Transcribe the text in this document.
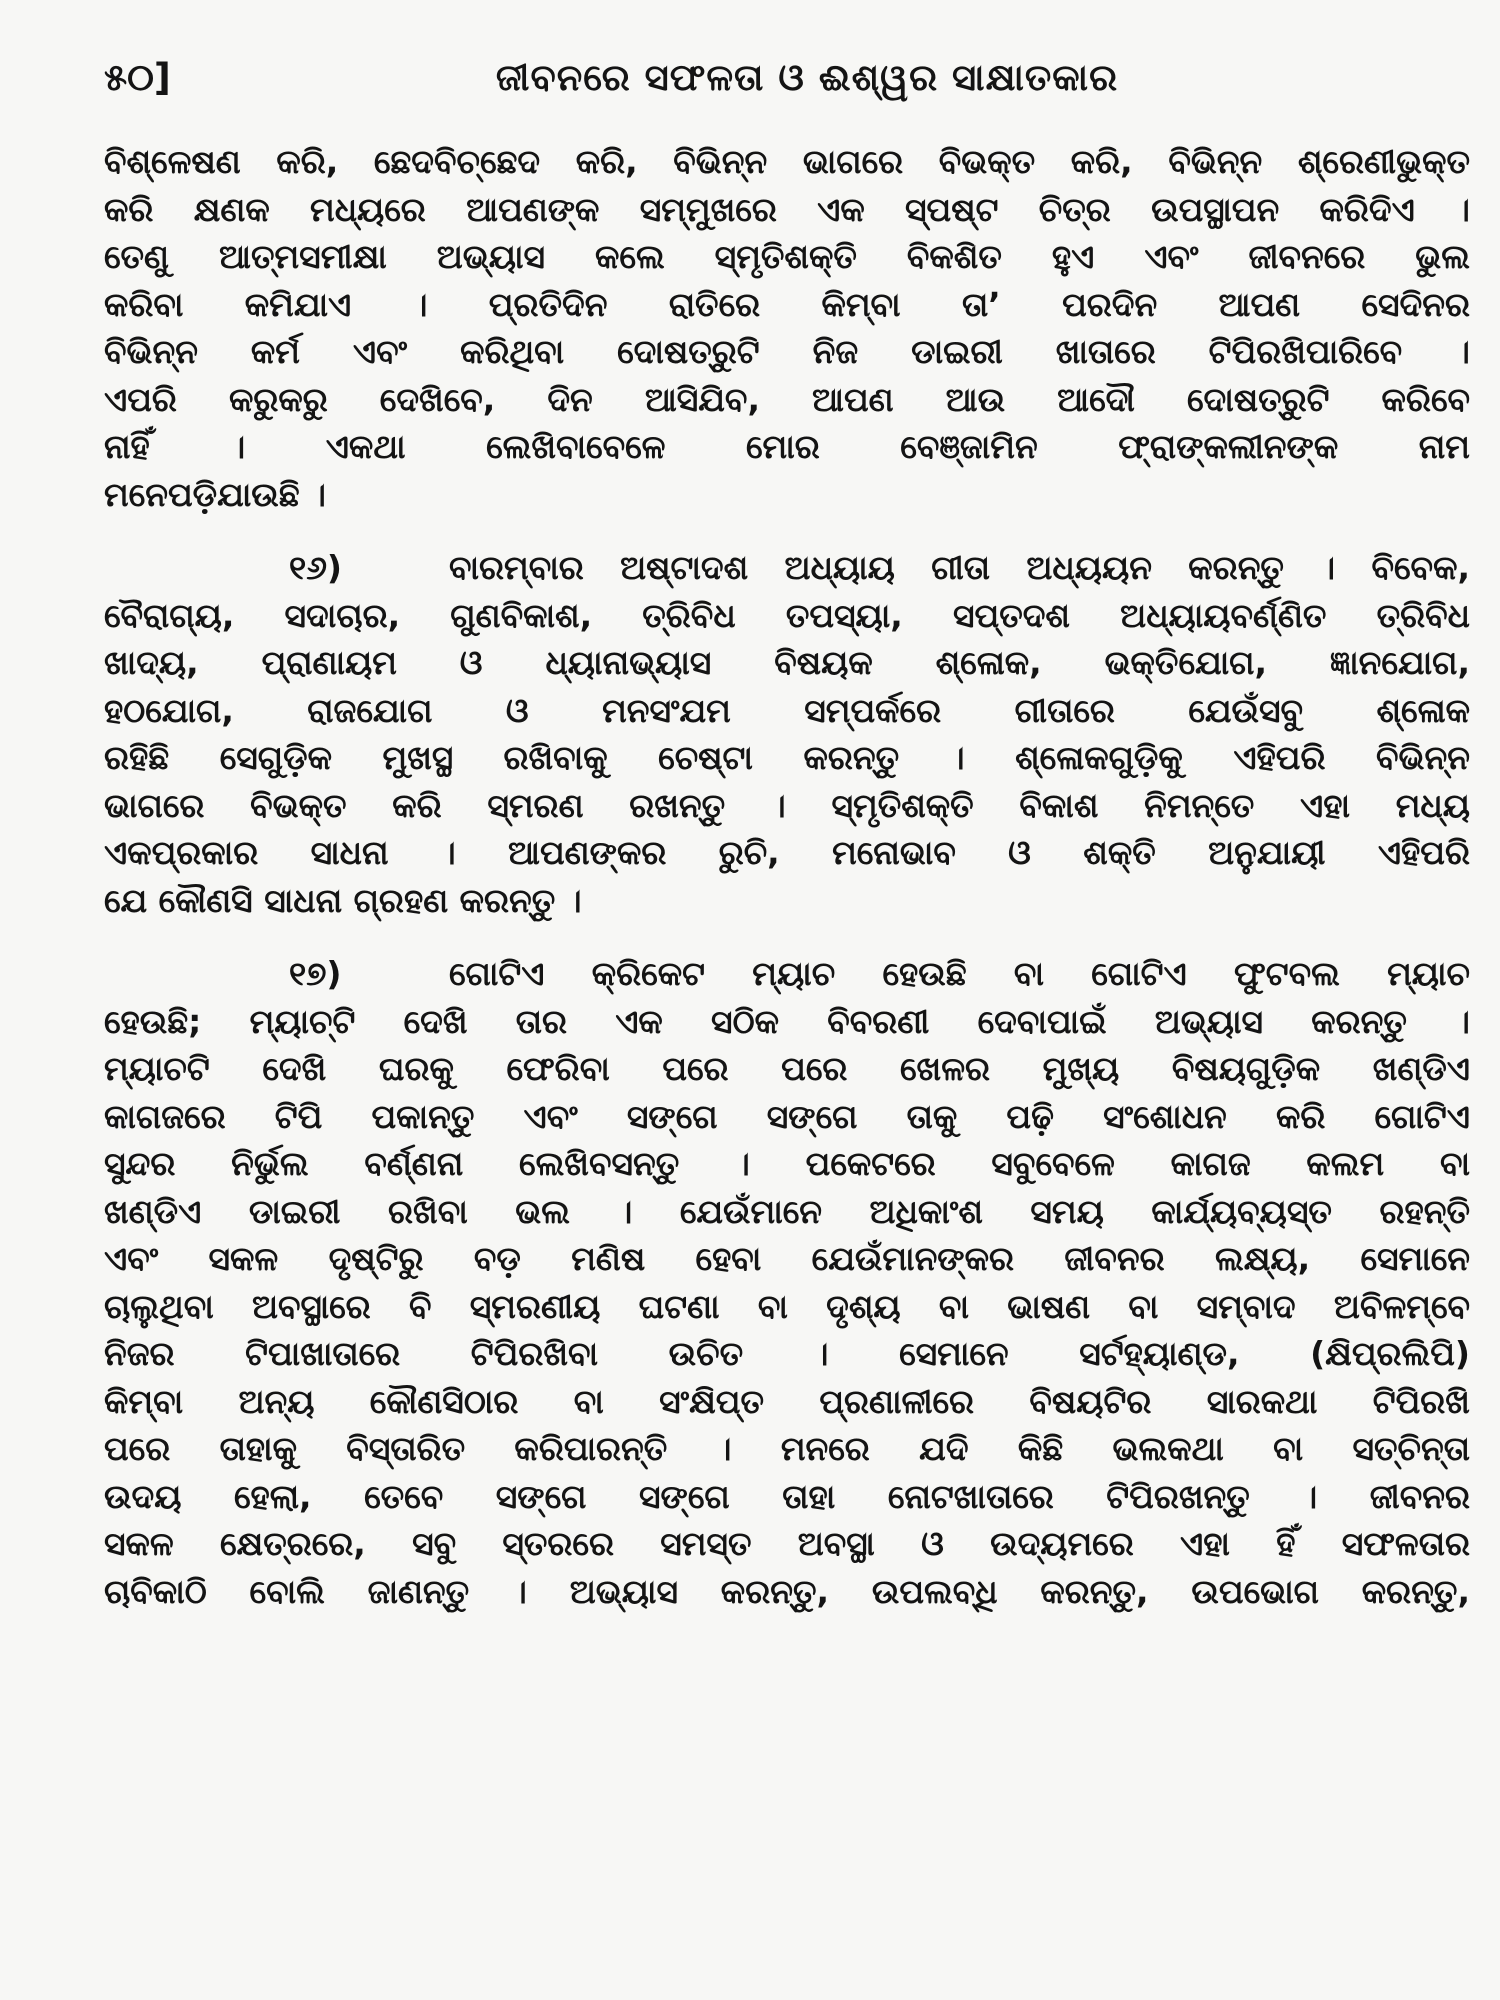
୫୦]	ଜୀବନରେ ସଫଳତା ଓ ଈଶ୍ୱର ସାକ୍ଷାତକାର

ବିଶ୍ଳେଷଣ କରି, ଛେଦବିଚ୍ଛେଦ କରି, ବିଭିନ୍ନ ଭାଗରେ ବିଭକ୍ତ କରି, ବିଭିନ୍ନ ଶ୍ରେଣୀଭୁକ୍ତ
କରି କ୍ଷଣକ ମଧ୍ୟରେ ଆପଣଙ୍କ ସମ୍ମୁଖରେ ଏକ ସ୍ପଷ୍ଟ ଚିତ୍ର ଉପସ୍ଥାପନ କରିଦିଏ ।
ତେଣୁ ଆତ୍ମସମୀକ୍ଷା ଅଭ୍ୟାସ କଲେ ସ୍ମୃତିଶକ୍ତି ବିକଶିତ ହୁଏ ଏବଂ ଜୀବନରେ ଭୁଲ
କରିବା କମିଯାଏ । ପ୍ରତିଦିନ ରାତିରେ କିମ୍ବା ତା’ ପରଦିନ ଆପଣ ସେଦିନର
ବିଭିନ୍ନ କର୍ମ ଏବଂ କରିଥିବା ଦୋଷତ୍ରୁଟି ନିଜ ଡାଇରୀ ଖାତାରେ ଟିପିରଖିପାରିବେ ।
ଏପରି କରୁକରୁ ଦେଖିବେ, ଦିନ ଆସିଯିବ, ଆପଣ ଆଉ ଆଦୌ ଦୋଷତ୍ରୁଟି କରିବେ
ନାହିଁ । ଏକଥା ଲେଖିବାବେଳେ ମୋର ବେଞ୍ଜାମିନ ଫ୍ରାଙ୍କଲୀନଙ୍କ ନାମ
ମନେପଡ଼ିଯାଉଛି ।

୧୬)	ବାରମ୍ବାର ଅଷ୍ଟାଦଶ ଅଧ୍ୟାୟ ଗୀତା ଅଧ୍ୟୟନ କରନ୍ତୁ । ବିବେକ,
ବୈରାଗ୍ୟ, ସଦାଚାର, ଗୁଣବିକାଶ, ତ୍ରିବିଧ ତପସ୍ୟା, ସପ୍ତଦଶ ଅଧ୍ୟାୟବର୍ଣ୍ଣିତ ତ୍ରିବିଧ
ଖାଦ୍ୟ, ପ୍ରାଣାୟମ ଓ ଧ୍ୟାନାଭ୍ୟାସ ବିଷୟକ ଶ୍ଳୋକ, ଭକ୍ତିଯୋଗ, ଜ୍ଞାନଯୋଗ,
ହଠଯୋଗ, ରାଜଯୋଗ ଓ ମନସଂଯମ ସମ୍ପର୍କରେ ଗୀତାରେ ଯେଉଁସବୁ ଶ୍ଳୋକ
ରହିଛି ସେଗୁଡ଼ିକ ମୁଖସ୍ଥ ରଖିବାକୁ ଚେଷ୍ଟା କରନ୍ତୁ । ଶ୍ଳୋକଗୁଡ଼ିକୁ ଏହିପରି ବିଭିନ୍ନ
ଭାଗରେ ବିଭକ୍ତ କରି ସ୍ମରଣ ରଖନ୍ତୁ । ସ୍ମୃତିଶକ୍ତି ବିକାଶ ନିମନ୍ତେ ଏହା ମଧ୍ୟ
ଏକପ୍ରକାର ସାଧନା । ଆପଣଙ୍କର ରୁଚି, ମନୋଭାବ ଓ ଶକ୍ତି ଅନୁଯାୟୀ ଏହିପରି
ଯେ କୌଣସି ସାଧନା ଗ୍ରହଣ କରନ୍ତୁ ।

୧୭)	ଗୋଟିଏ କ୍ରିକେଟ ମ୍ୟାଚ ହେଉଛି ବା ଗୋଟିଏ ଫୁଟବଲ ମ୍ୟାଚ
ହେଉଛି; ମ୍ୟାଚ୍‌ଟି ଦେଖି ତାର ଏକ ସଠିକ ବିବରଣୀ ଦେବାପାଇଁ ଅଭ୍ୟାସ କରନ୍ତୁ ।
ମ୍ୟାଚଟି ଦେଖି ଘରକୁ ଫେରିବା ପରେ ପରେ ଖେଳର ମୁଖ୍ୟ ବିଷୟଗୁଡ଼ିକ ଖଣ୍ଡିଏ
କାଗଜରେ ଟିପି ପକାନ୍ତୁ ଏବଂ ସଙ୍ଗେ ସଙ୍ଗେ ତାକୁ ପଢ଼ି ସଂଶୋଧନ କରି ଗୋଟିଏ
ସୁନ୍ଦର ନିର୍ଭୁଲ ବର୍ଣ୍ଣନା ଲେଖିବସନ୍ତୁ । ପକେଟରେ ସବୁବେଳେ କାଗଜ କଲମ ବା
ଖଣ୍ଡିଏ ଡାଇରୀ ରଖିବା ଭଲ । ଯେଉଁମାନେ ଅଧିକାଂଶ ସମୟ କାର୍ଯ୍ୟବ୍ୟସ୍ତ ରହନ୍ତି
ଏବଂ ସକଳ ଦୃଷ୍ଟିରୁ ବଡ଼ ମଣିଷ ହେବା ଯେଉଁମାନଙ୍କର ଜୀବନର ଲକ୍ଷ୍ୟ, ସେମାନେ
ଚାଲୁଥିବା ଅବସ୍ଥାରେ ବି ସ୍ମରଣୀୟ ଘଟଣା ବା ଦୃଶ୍ୟ ବା ଭାଷଣ ବା ସମ୍ବାଦ ଅବିଳମ୍ବେ
ନିଜର ଟିପାଖାତାରେ ଟିପିରଖିବା ଉଚିତ । ସେମାନେ ସର୍ଟହ୍ୟାଣ୍ଡ, (କ୍ଷିପ୍ରଲିପି)
କିମ୍ବା ଅନ୍ୟ କୌଣସିଠାର ବା ସଂକ୍ଷିପ୍ତ ପ୍ରଣାଳୀରେ ବିଷୟଟିର ସାରକଥା ଟିପିରଖି
ପରେ ତାହାକୁ ବିସ୍ତାରିତ କରିପାରନ୍ତି । ମନରେ ଯଦି କିଛି ଭଲକଥା ବା ସତ୍‌ଚିନ୍ତା
ଉଦୟ ହେଲା, ତେବେ ସଙ୍ଗେ ସଙ୍ଗେ ତାହା ନୋଟଖାତାରେ ଟିପିରଖନ୍ତୁ । ଜୀବନର
ସକଳ କ୍ଷେତ୍ରରେ, ସବୁ ସ୍ତରରେ ସମସ୍ତ ଅବସ୍ଥା ଓ ଉଦ୍ୟମରେ ଏହା ହିଁ ସଫଳତାର
ଚାବିକାଠି ବୋଲି ଜାଣନ୍ତୁ । ଅଭ୍ୟାସ କରନ୍ତୁ, ଉପଲବ୍ଧି କରନ୍ତୁ, ଉପଭୋଗ କରନ୍ତୁ,
